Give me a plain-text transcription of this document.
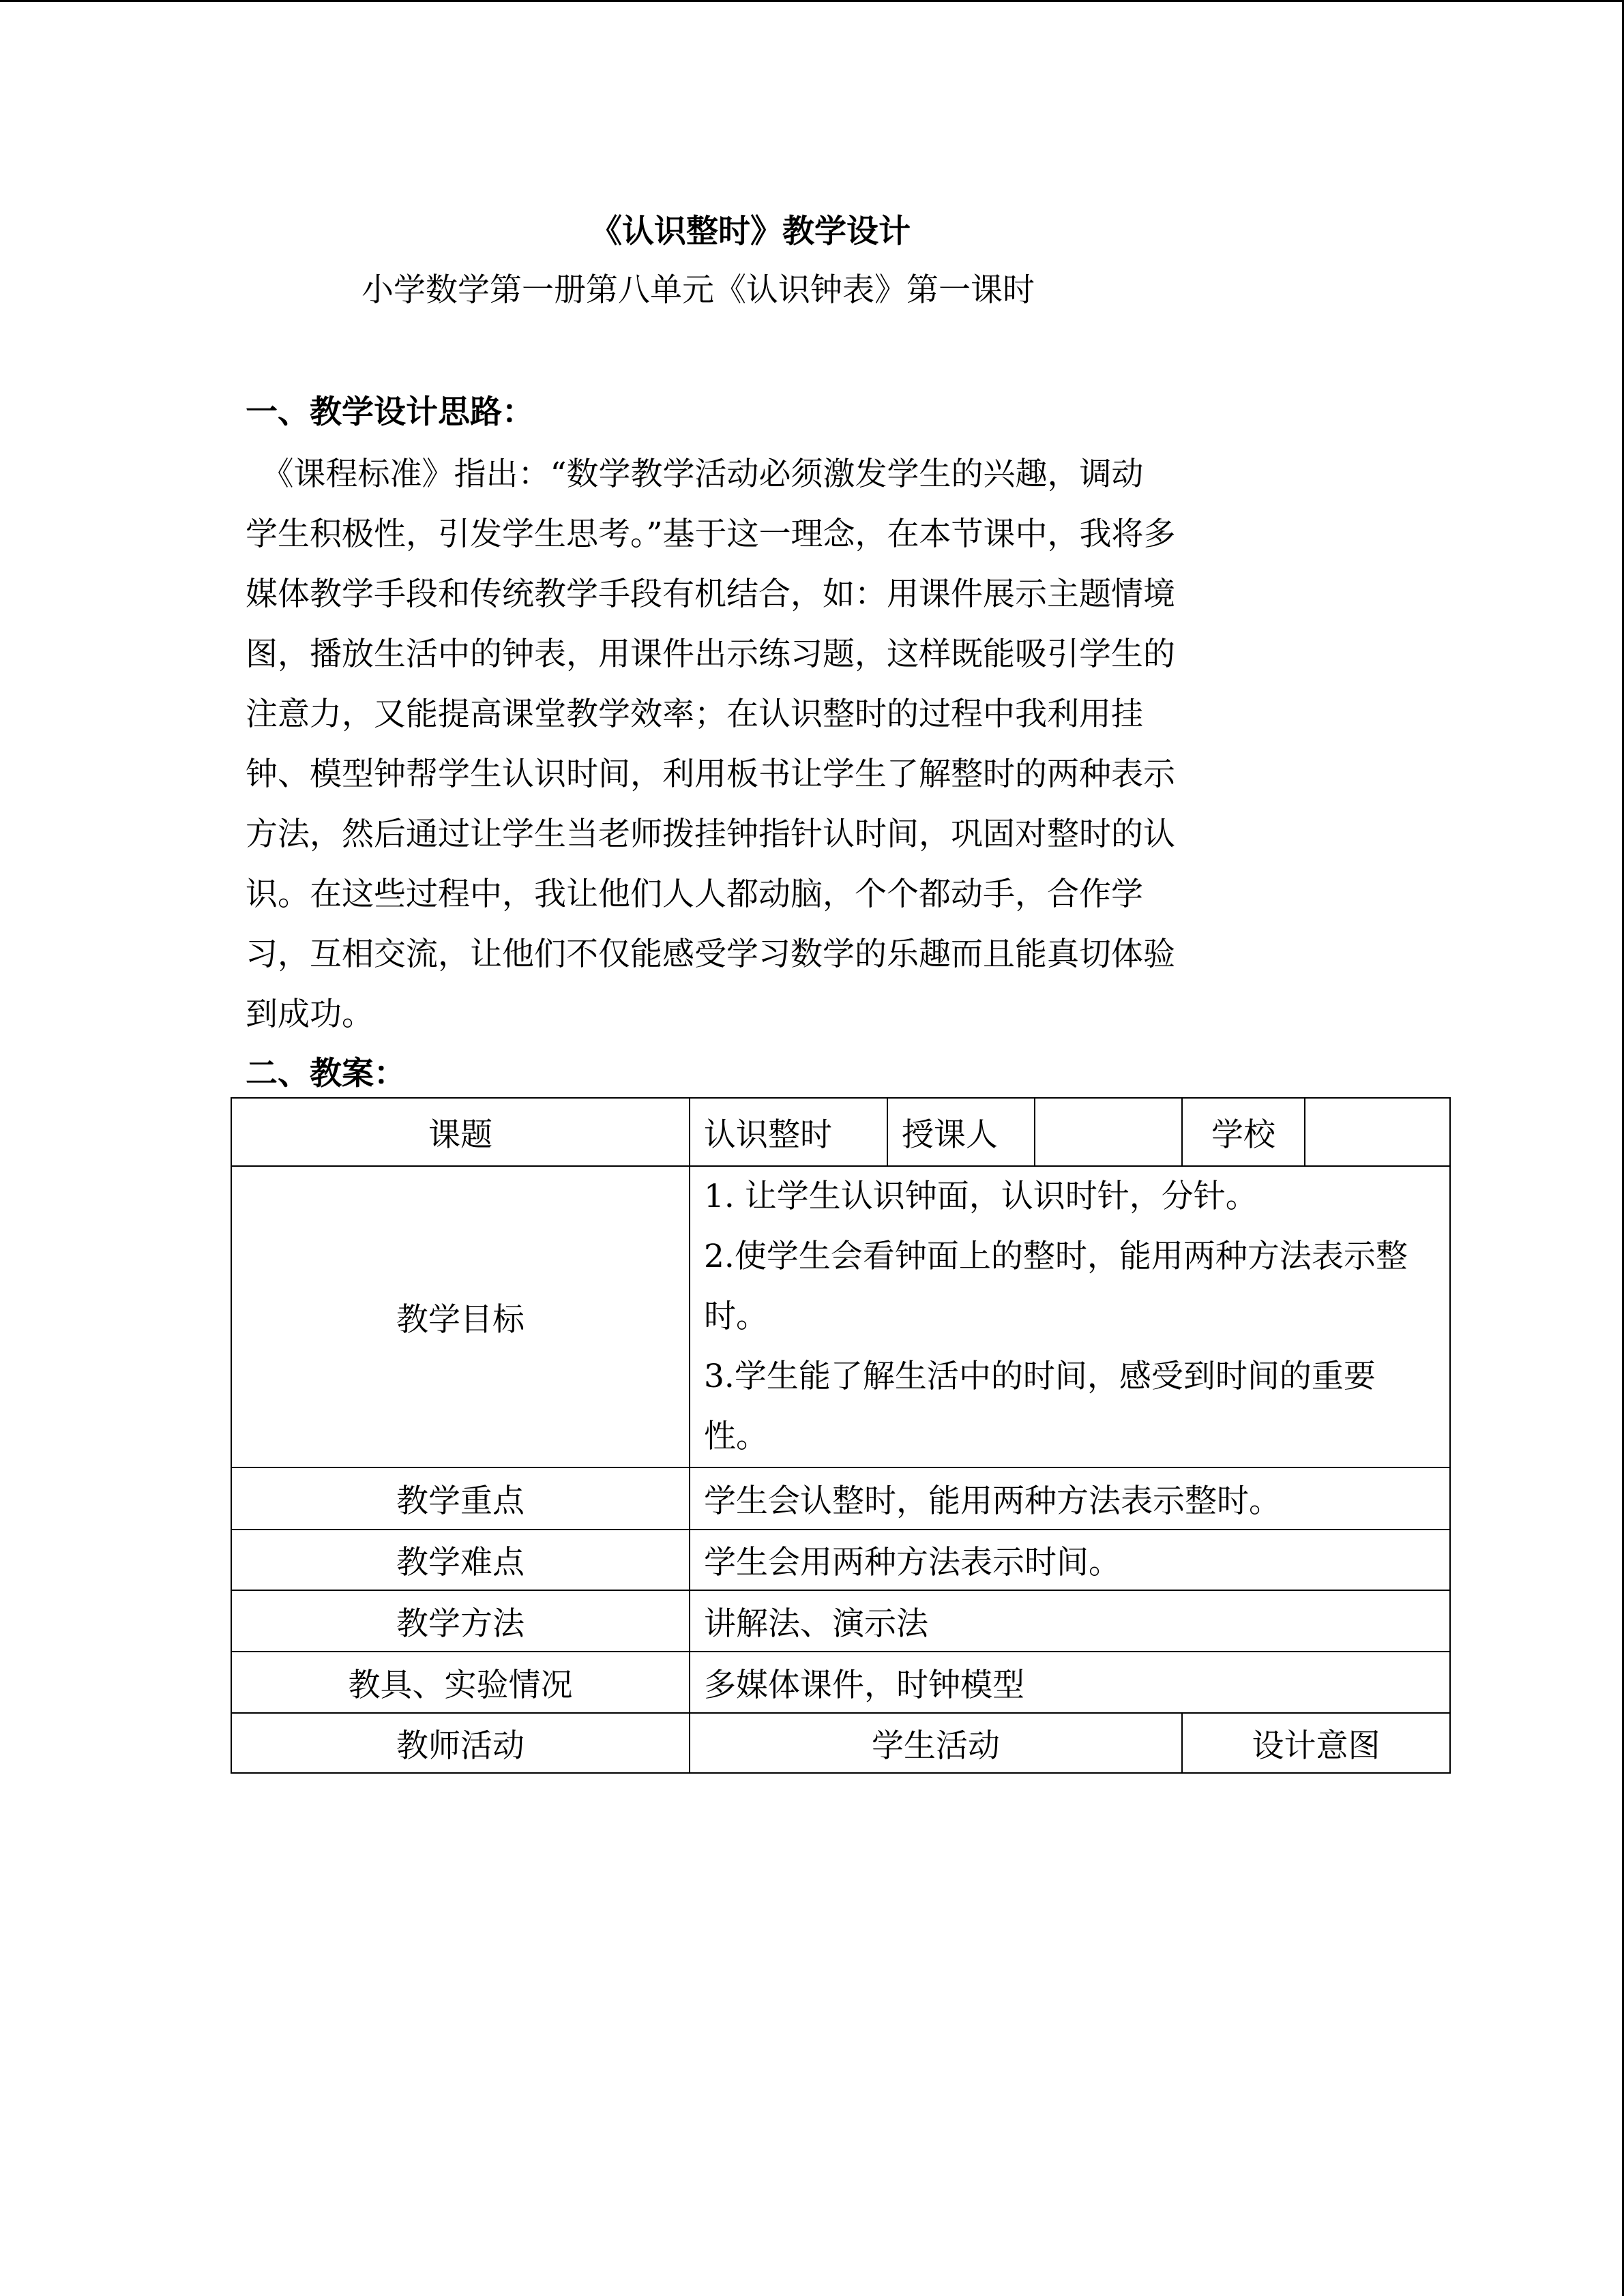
《认识整时》教学设计
小学数学第一册第八单元《认识钟表》第一课时
一、教学设计思路：
　《课程标准》指出：“数学教学活动必须激发学生的兴趣，调动
学生积极性，引发学生思考。”基于这一理念，在本节课中，我将多
媒体教学手段和传统教学手段有机结合，如：用课件展示主题情境
图，播放生活中的钟表，用课件出示练习题，这样既能吸引学生的
注意力，又能提高课堂教学效率；在认识整时的过程中我利用挂
钟、模型钟帮学生认识时间，利用板书让学生了解整时的两种表示
方法，然后通过让学生当老师拨挂钟指针认时间，巩固对整时的认
识。在这些过程中，我让他们人人都动脑，个个都动手，合作学
习，互相交流，让他们不仅能感受学习数学的乐趣而且能真切体验
到成功。
二、教案：
课题	认识整时	授课人		学校	
教学目标	1. 让学生认识钟面，认识时针，分针。
2.使学生会看钟面上的整时，能用两种方法表示整时。
3.学生能了解生活中的时间，感受到时间的重要性。				

教学重点	学生会认整时，能用两种方法表示整时。				
教学难点	学生会用两种方法表示时间。				
教学方法	讲解法、演示法				
教具、实验情况	多媒体课件，时钟模型				
教师活动	学生活动			设计意图	
